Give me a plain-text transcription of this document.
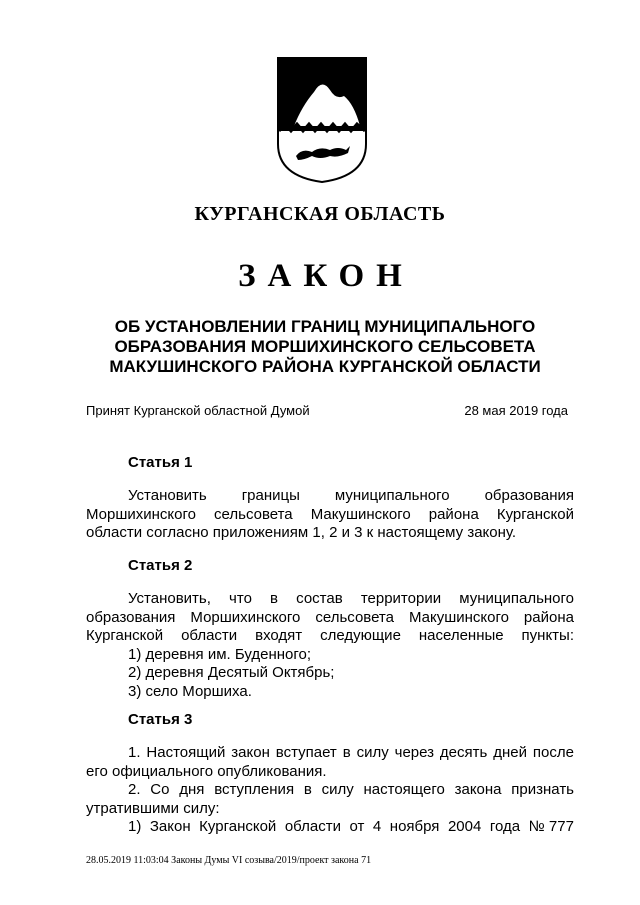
КУРГАНСКАЯ ОБЛАСТЬ
ЗАКОН
ОБ УСТАНОВЛЕНИИ ГРАНИЦ МУНИЦИПАЛЬНОГО
ОБРАЗОВАНИЯ МОРШИХИНСКОГО СЕЛЬСОВЕТА
МАКУШИНСКОГО РАЙОНА КУРГАНСКОЙ ОБЛАСТИ
Принят Курганской областной Думой	28 мая 2019 года
Статья 1
Установить границы муниципального образования
Моршихинского сельсовета Макушинского района Курганской
области согласно приложениям 1, 2 и 3 к настоящему закону.
Статья 2
Установить, что в состав территории муниципального
образования Моршихинского сельсовета Макушинского района
Курганской области входят следующие населенные пункты:
1) деревня им. Буденного;
2) деревня Десятый Октябрь;
3) село Моршиха.
Статья 3
1. Настоящий закон вступает в силу через десять дней после
его официального опубликования.
2. Со дня вступления в силу настоящего закона признать
утратившими силу:
1) Закон Курганской области от 4 ноября 2004 года № 777
28.05.2019 11:03:04 Законы Думы VI созыва/2019/проект закона 71
